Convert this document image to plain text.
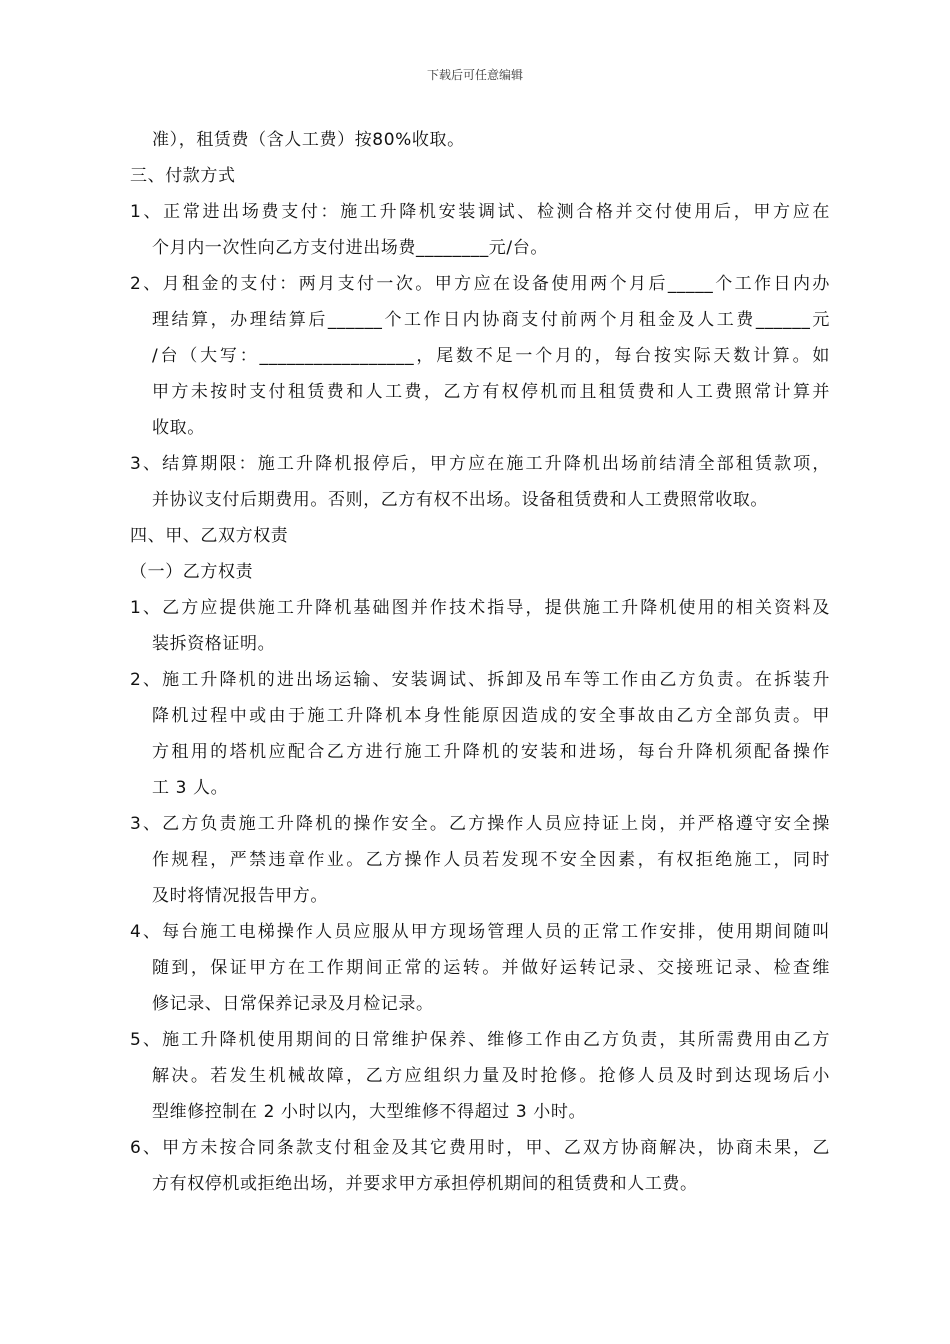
下载后可任意编辑
准），租赁费（含人工费）按80%收取。
三、付款方式
1、正常进出场费支付：施工升降机安装调试、检测合格并交付使用后，甲方应在
个月内一次性向乙方支付进出场费________元/台。
2、月租金的支付：两月支付一次。甲方应在设备使用两个月后_____个工作日内办
理结算，办理结算后______个工作日内协商支付前两个月租金及人工费______元
/台（大写：_________________，尾数不足一个月的，每台按实际天数计算。如
甲方未按时支付租赁费和人工费，乙方有权停机而且租赁费和人工费照常计算并
收取。
3、结算期限：施工升降机报停后，甲方应在施工升降机出场前结清全部租赁款项，
并协议支付后期费用。否则，乙方有权不出场。设备租赁费和人工费照常收取。
四、甲、乙双方权责
（一）乙方权责
1、乙方应提供施工升降机基础图并作技术指导，提供施工升降机使用的相关资料及
装拆资格证明。
2、施工升降机的进出场运输、安装调试、拆卸及吊车等工作由乙方负责。在拆装升
降机过程中或由于施工升降机本身性能原因造成的安全事故由乙方全部负责。甲
方租用的塔机应配合乙方进行施工升降机的安装和进场，每台升降机须配备操作
工 3 人。
3、乙方负责施工升降机的操作安全。乙方操作人员应持证上岗，并严格遵守安全操
作规程，严禁违章作业。乙方操作人员若发现不安全因素，有权拒绝施工，同时
及时将情况报告甲方。
4、每台施工电梯操作人员应服从甲方现场管理人员的正常工作安排，使用期间随叫
随到，保证甲方在工作期间正常的运转。并做好运转记录、交接班记录、检查维
修记录、日常保养记录及月检记录。
5、施工升降机使用期间的日常维护保养、维修工作由乙方负责，其所需费用由乙方
解决。若发生机械故障，乙方应组织力量及时抢修。抢修人员及时到达现场后小
型维修控制在 2 小时以内，大型维修不得超过 3 小时。
6、甲方未按合同条款支付租金及其它费用时，甲、乙双方协商解决，协商未果，乙
方有权停机或拒绝出场，并要求甲方承担停机期间的租赁费和人工费。
